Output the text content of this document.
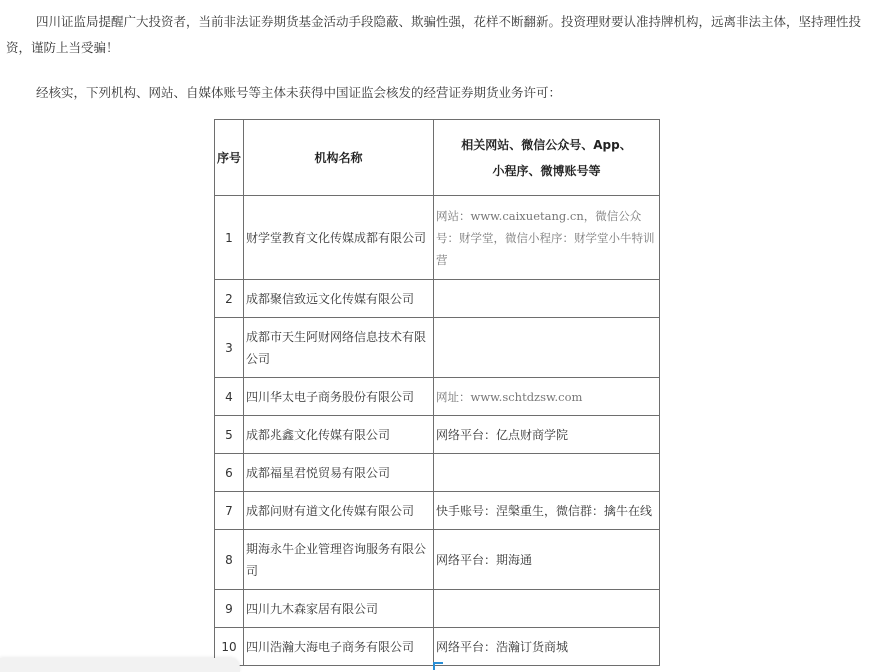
四川证监局提醒广大投资者，当前非法证券期货基金活动手段隐蔽、欺骗性强，花样不断翻新。投资理财要认准持牌机构，远离非法主体，坚持理性投资，谨防上当受骗！

经核实，下列机构、网站、自媒体账号等主体未获得中国证监会核发的经营证券期货业务许可：

序号	机构名称	相关网站、微信公众号、App、
小程序、微博账号等

1	财学堂教育文化传媒成都有限公司	网站：www.caixuetang.cn，微信公众号：财学堂，微信小程序：财学堂小牛特训营
2	成都聚信致远文化传媒有限公司	
3	成都市天生阿财网络信息技术有限公司	
4	四川华太电子商务股份有限公司	网址：www.schtdzsw.com
5	成都兆鑫文化传媒有限公司	网络平台：亿点财商学院
6	成都福星君悦贸易有限公司	
7	成都问财有道文化传媒有限公司	快手账号：涅槃重生，微信群：擒牛在线
8	期海永牛企业管理咨询服务有限公司	网络平台：期海通
9	四川九木森家居有限公司	
10	四川浩瀚大海电子商务有限公司	网络平台：浩瀚订货商城
